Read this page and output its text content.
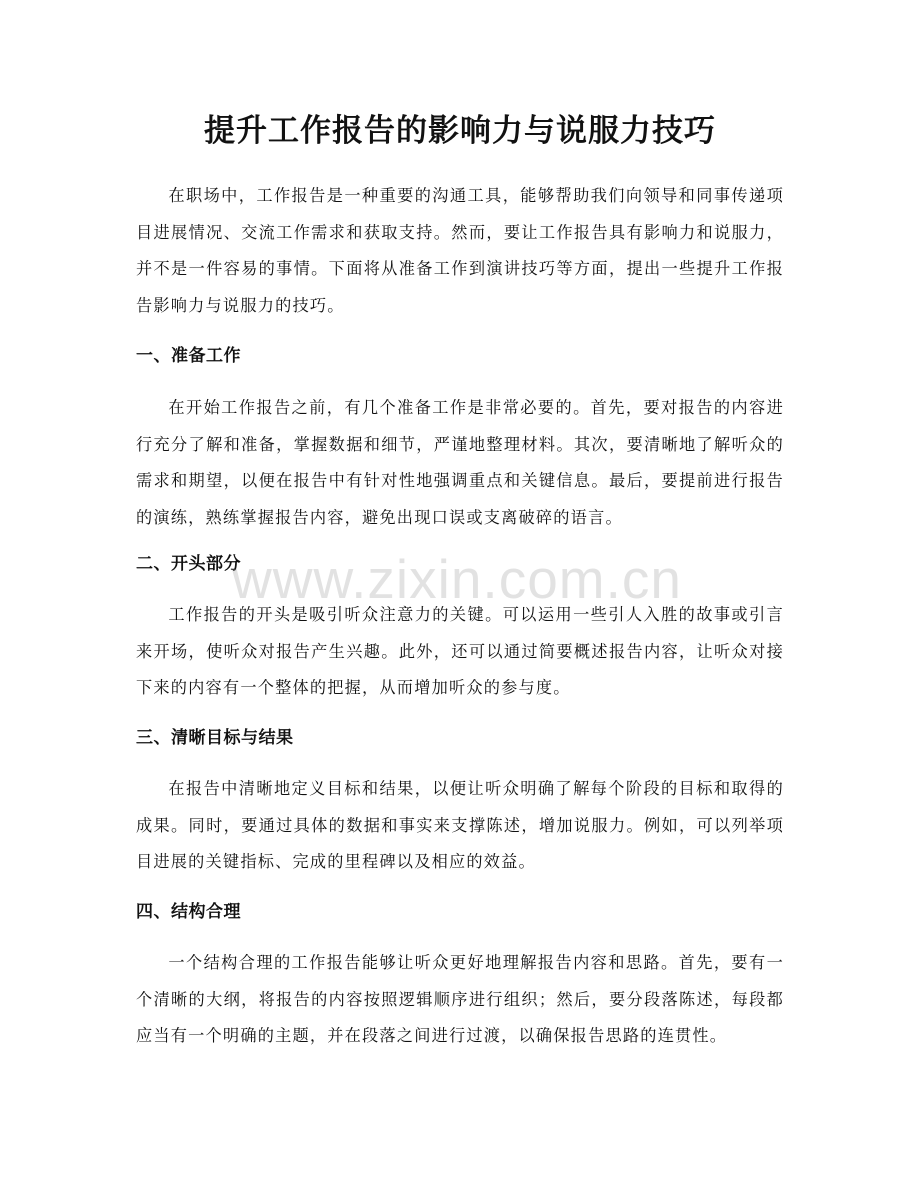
提升工作报告的影响力与说服力技巧

在职场中，工作报告是一种重要的沟通工具，能够帮助我们向领导和同事传递项目进展情况、交流工作需求和获取支持。然而，要让工作报告具有影响力和说服力，并不是一件容易的事情。下面将从准备工作到演讲技巧等方面，提出一些提升工作报告影响力与说服力的技巧。

一、准备工作

在开始工作报告之前，有几个准备工作是非常必要的。首先，要对报告的内容进行充分了解和准备，掌握数据和细节，严谨地整理材料。其次，要清晰地了解听众的需求和期望，以便在报告中有针对性地强调重点和关键信息。最后，要提前进行报告的演练，熟练掌握报告内容，避免出现口误或支离破碎的语言。

二、开头部分

工作报告的开头是吸引听众注意力的关键。可以运用一些引人入胜的故事或引言来开场，使听众对报告产生兴趣。此外，还可以通过简要概述报告内容，让听众对接下来的内容有一个整体的把握，从而增加听众的参与度。

三、清晰目标与结果

在报告中清晰地定义目标和结果，以便让听众明确了解每个阶段的目标和取得的成果。同时，要通过具体的数据和事实来支撑陈述，增加说服力。例如，可以列举项目进展的关键指标、完成的里程碑以及相应的效益。

四、结构合理

一个结构合理的工作报告能够让听众更好地理解报告内容和思路。首先，要有一个清晰的大纲，将报告的内容按照逻辑顺序进行组织；然后，要分段落陈述，每段都应当有一个明确的主题，并在段落之间进行过渡，以确保报告思路的连贯性。

www.zixin.com.cn
